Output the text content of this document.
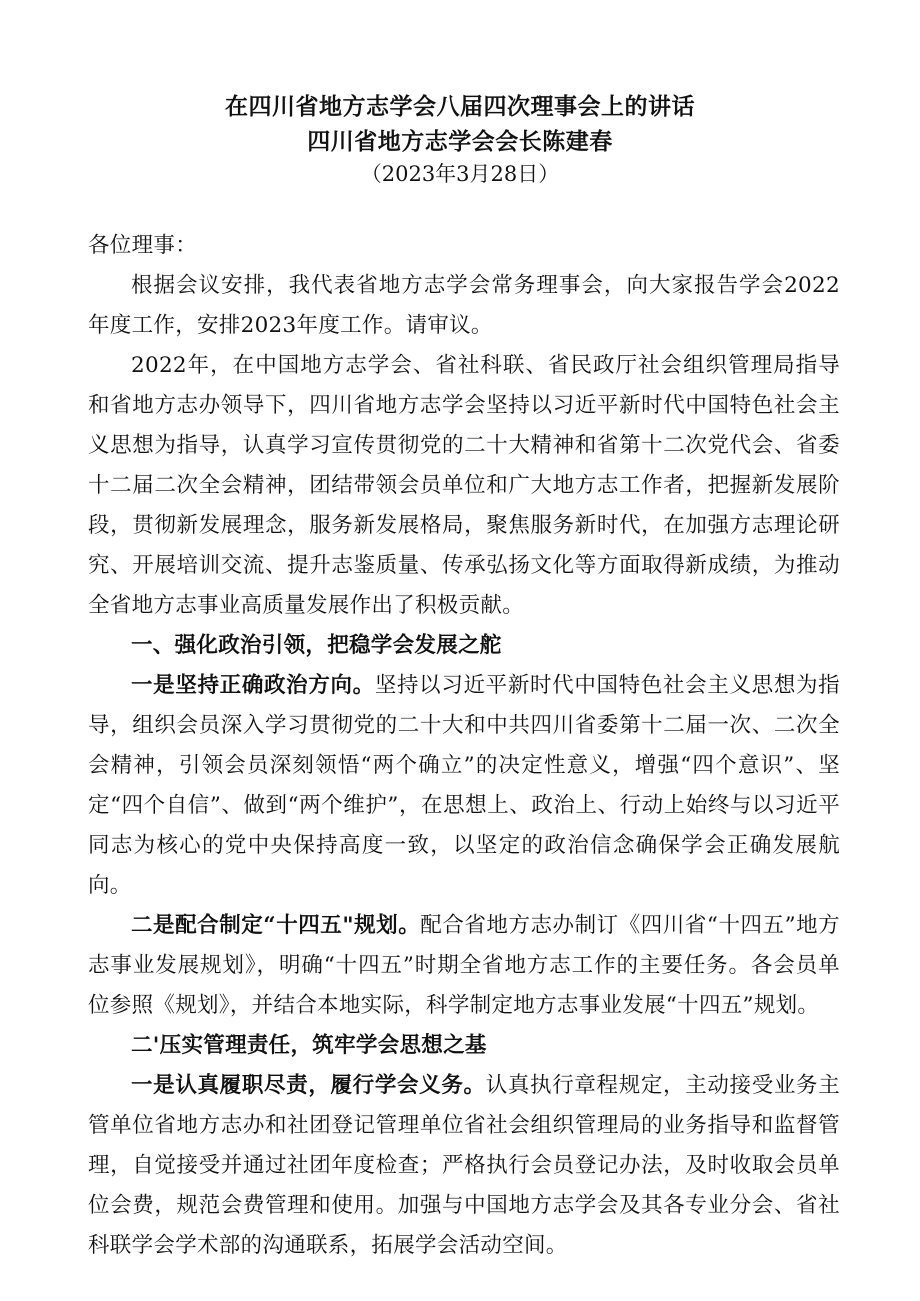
在四川省地方志学会八届四次理事会上的讲话
四川省地方志学会会长陈建春
（2023年3月28日）

各位理事：

根据会议安排，我代表省地方志学会常务理事会，向大家报告学会2022年度工作，安排2023年度工作。请审议。

2022年，在中国地方志学会、省社科联、省民政厅社会组织管理局指导和省地方志办领导下，四川省地方志学会坚持以习近平新时代中国特色社会主义思想为指导，认真学习宣传贯彻党的二十大精神和省第十二次党代会、省委十二届二次全会精神，团结带领会员单位和广大地方志工作者，把握新发展阶段，贯彻新发展理念，服务新发展格局，聚焦服务新时代，在加强方志理论研究、开展培训交流、提升志鉴质量、传承弘扬文化等方面取得新成绩，为推动全省地方志事业高质量发展作出了积极贡献。

一、强化政治引领，把稳学会发展之舵

一是坚持正确政治方向。坚持以习近平新时代中国特色社会主义思想为指导，组织会员深入学习贯彻党的二十大和中共四川省委第十二届一次、二次全会精神，引领会员深刻领悟“两个确立”的决定性意义，增强“四个意识”、坚定“四个自信”、做到“两个维护”，在思想上、政治上、行动上始终与以习近平同志为核心的党中央保持高度一致，以坚定的政治信念确保学会正确发展航向。

二是配合制定“十四五"规划。配合省地方志办制订《四川省“十四五”地方志事业发展规划》，明确“十四五”时期全省地方志工作的主要任务。各会员单位参照《规划》，并结合本地实际，科学制定地方志事业发展“十四五”规划。

二'压实管理责任，筑牢学会思想之基

一是认真履职尽责，履行学会义务。认真执行章程规定，主动接受业务主管单位省地方志办和社团登记管理单位省社会组织管理局的业务指导和监督管理，自觉接受并通过社团年度检查；严格执行会员登记办法，及时收取会员单位会费，规范会费管理和使用。加强与中国地方志学会及其各专业分会、省社科联学会学术部的沟通联系，拓展学会活动空间。
